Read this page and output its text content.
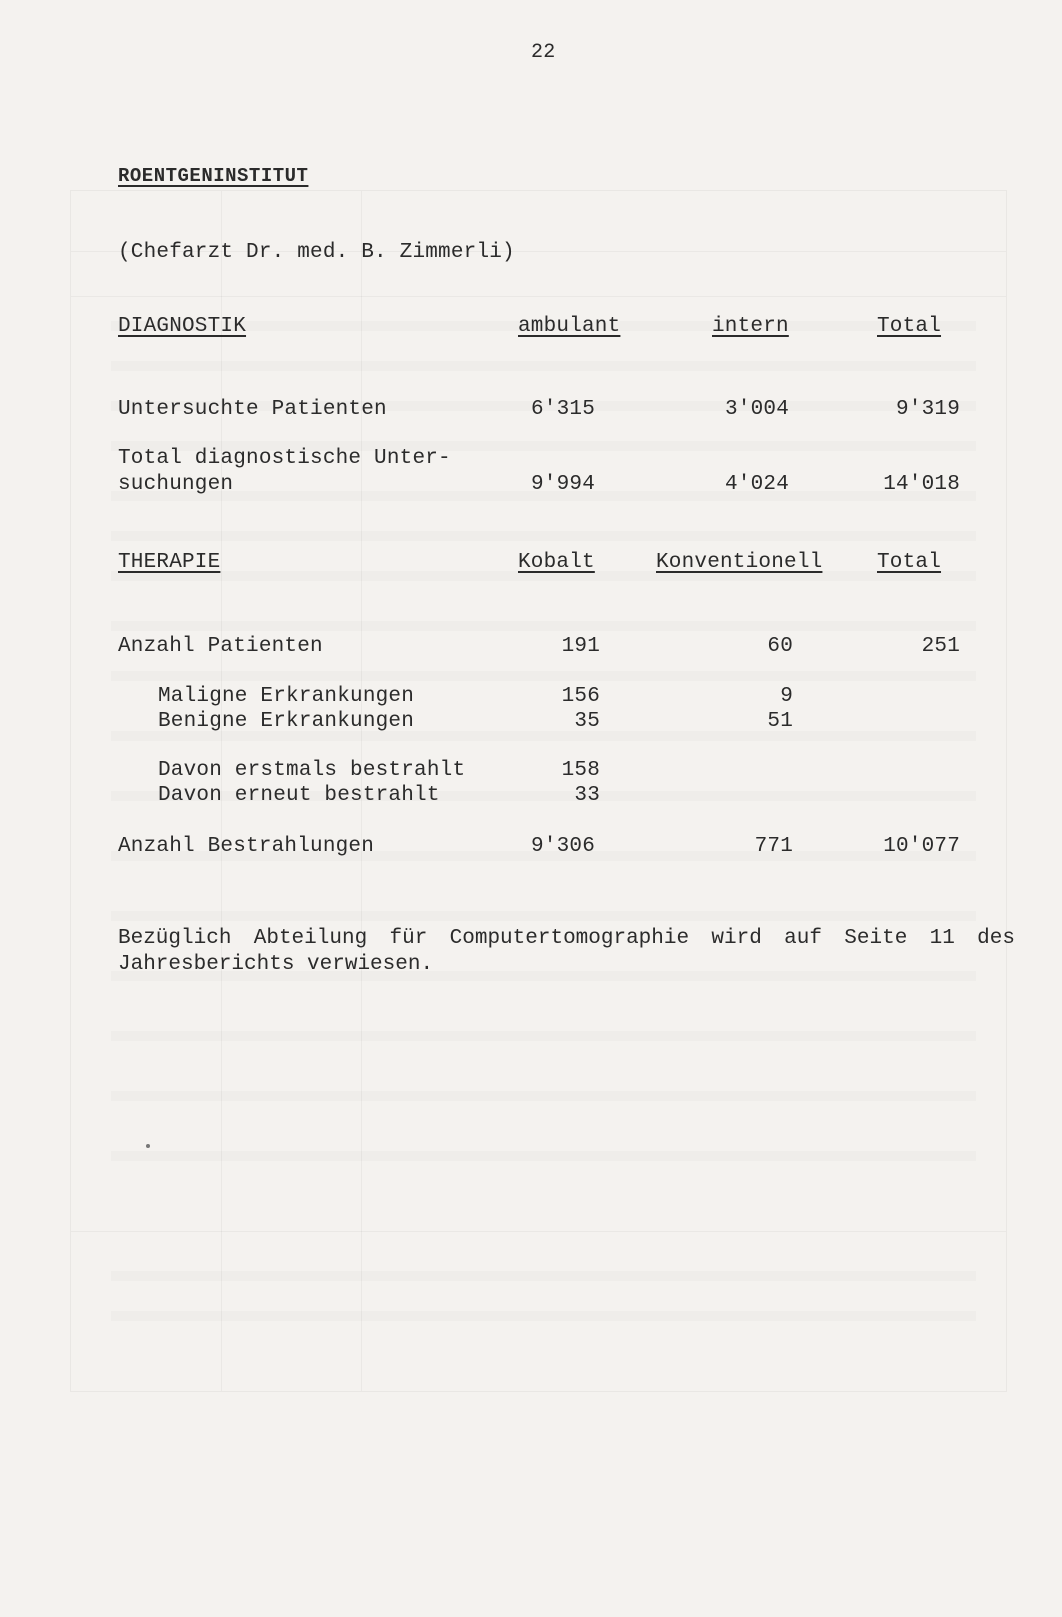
22
ROENTGENINSTITUT
(Chefarzt Dr. med. B. Zimmerli)
DIAGNOSTIK	ambulant	intern	Total
Untersuchte Patienten	6'315	3'004	9'319
Total diagnostische Unter-
suchungen	9'994	4'024	14'018
THERAPIE	Kobalt	Konventionell	Total
Anzahl Patienten	191	60	251
Maligne Erkrankungen	156	9
Benigne Erkrankungen	35	51
Davon erstmals bestrahlt	158
Davon erneut bestrahlt	33
Anzahl Bestrahlungen	9'306	771	10'077
Bezüglich Abteilung für Computertomographie wird auf Seite 11 des Jahresberichts verwiesen.
